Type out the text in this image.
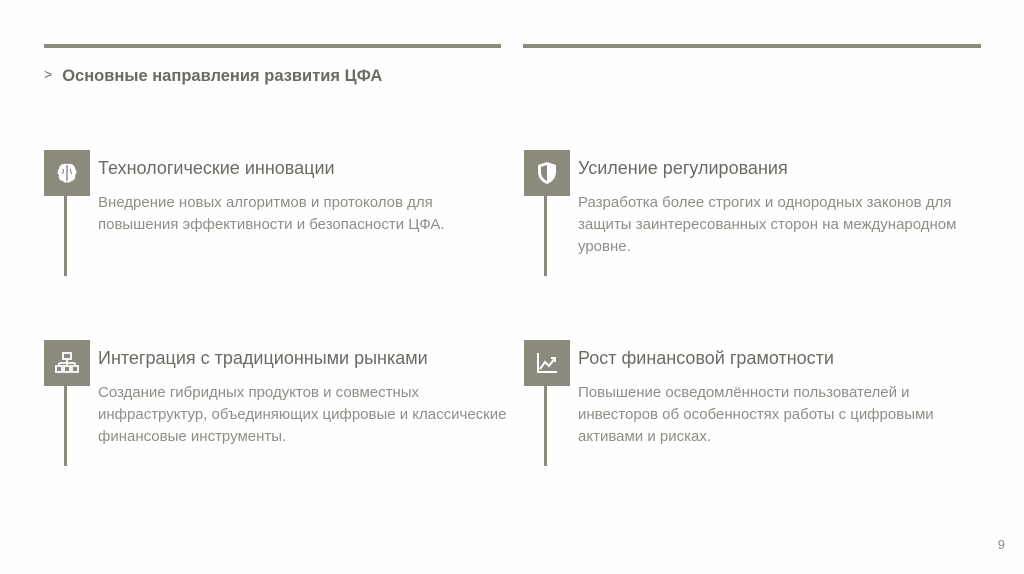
> Основные направления развития ЦФА
Технологические инновации
Внедрение новых алгоритмов и протоколов для повышения эффективности и безопасности ЦФА.
Усиление регулирования
Разработка более строгих и однородных законов для защиты заинтересованных сторон на международном уровне.
Интеграция с традиционными рынками
Создание гибридных продуктов и совместных инфраструктур, объединяющих цифровые и классические финансовые инструменты.
Рост финансовой грамотности
Повышение осведомлённости пользователей и инвесторов об особенностях работы с цифровыми активами и рисках.
9
